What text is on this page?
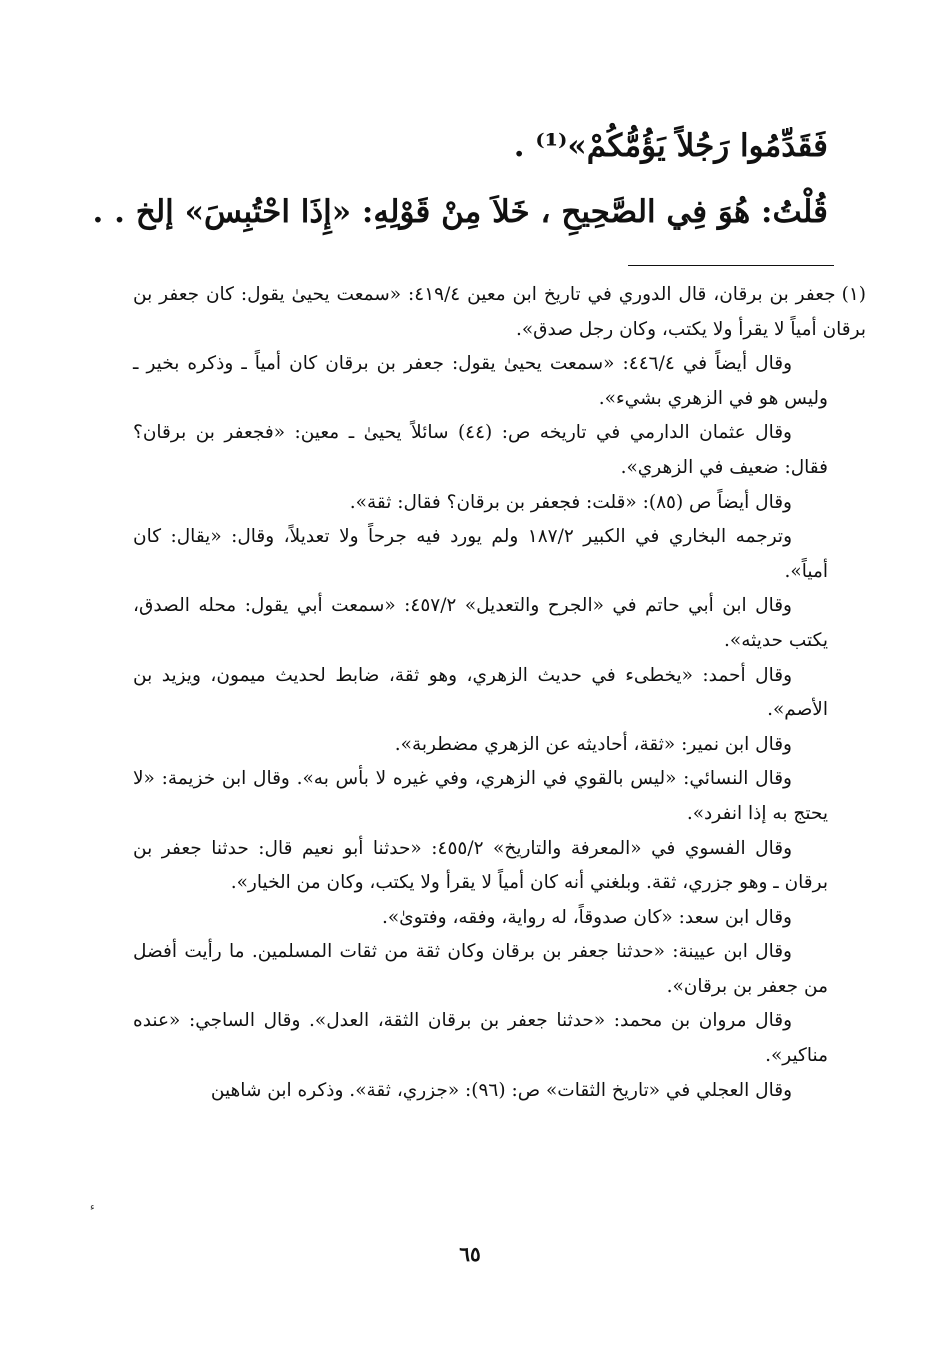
فَقَدِّمُوا رَجُلاً يَؤُمُّكُمْ»⁽¹⁾ .
قُلْتُ: هُوَ فِي الصَّحِيحِ ، خَلاَ مِنْ قَوْلِهِ: «إِذَا احْتُبِسَ» إلخ . .

(١)جعفر بن برقان، قال الدوري في تاريخ ابن معين ٤١٩/٤: «سمعت يحيىٰ يقول: كان جعفر بن برقان أمياً لا يقرأ ولا يكتب، وكان رجل صدق».

وقال أيضاً في ٤٤٦/٤: «سمعت يحيىٰ يقول: جعفر بن برقان كان أمياً ـ وذكره بخير ـ وليس هو في الزهري بشيء».

وقال عثمان الدارمي في تاريخه ص: (٤٤) سائلاً يحيىٰ ـ معين: «فجعفر بن برقان؟ فقال: ضعيف في الزهري».

وقال أيضاً ص (٨٥): «قلت: فجعفر بن برقان؟ فقال: ثقة».

وترجمه البخاري في الكبير ١٨٧/٢ ولم يورد فيه جرحاً ولا تعديلاً، وقال: «يقال: كان أمياً».

وقال ابن أبي حاتم في «الجرح والتعديل» ٤٥٧/٢: «سمعت أبي يقول: محله الصدق، يكتب حديثه».

وقال أحمد: «يخطىء في حديث الزهري، وهو ثقة، ضابط لحديث ميمون، ويزيد بن الأصم».

وقال ابن نمير: «ثقة، أحاديثه عن الزهري مضطربة».

وقال النسائي: «ليس بالقوي في الزهري، وفي غيره لا بأس به». وقال ابن خزيمة: «لا يحتج به إذا انفرد».

وقال الفسوي في «المعرفة والتاريخ» ٤٥٥/٢: «حدثنا أبو نعيم قال: حدثنا جعفر بن برقان ـ وهو جزري، ثقة. وبلغني أنه كان أمياً لا يقرأ ولا يكتب، وكان من الخيار».

وقال ابن سعد: «كان صدوقاً، له رواية، وفقه، وفتوىٰ».

وقال ابن عيينة: «حدثنا جعفر بن برقان وكان ثقة من ثقات المسلمين. ما رأيت أفضل من جعفر بن برقان».

وقال مروان بن محمد: «حدثنا جعفر بن برقان الثقة، العدل». وقال الساجي: «عنده مناكير».

وقال العجلي في «تاريخ الثقات» ص: (٩٦): «جزري، ثقة». وذكره ابن شاهين

ء
٦٥
